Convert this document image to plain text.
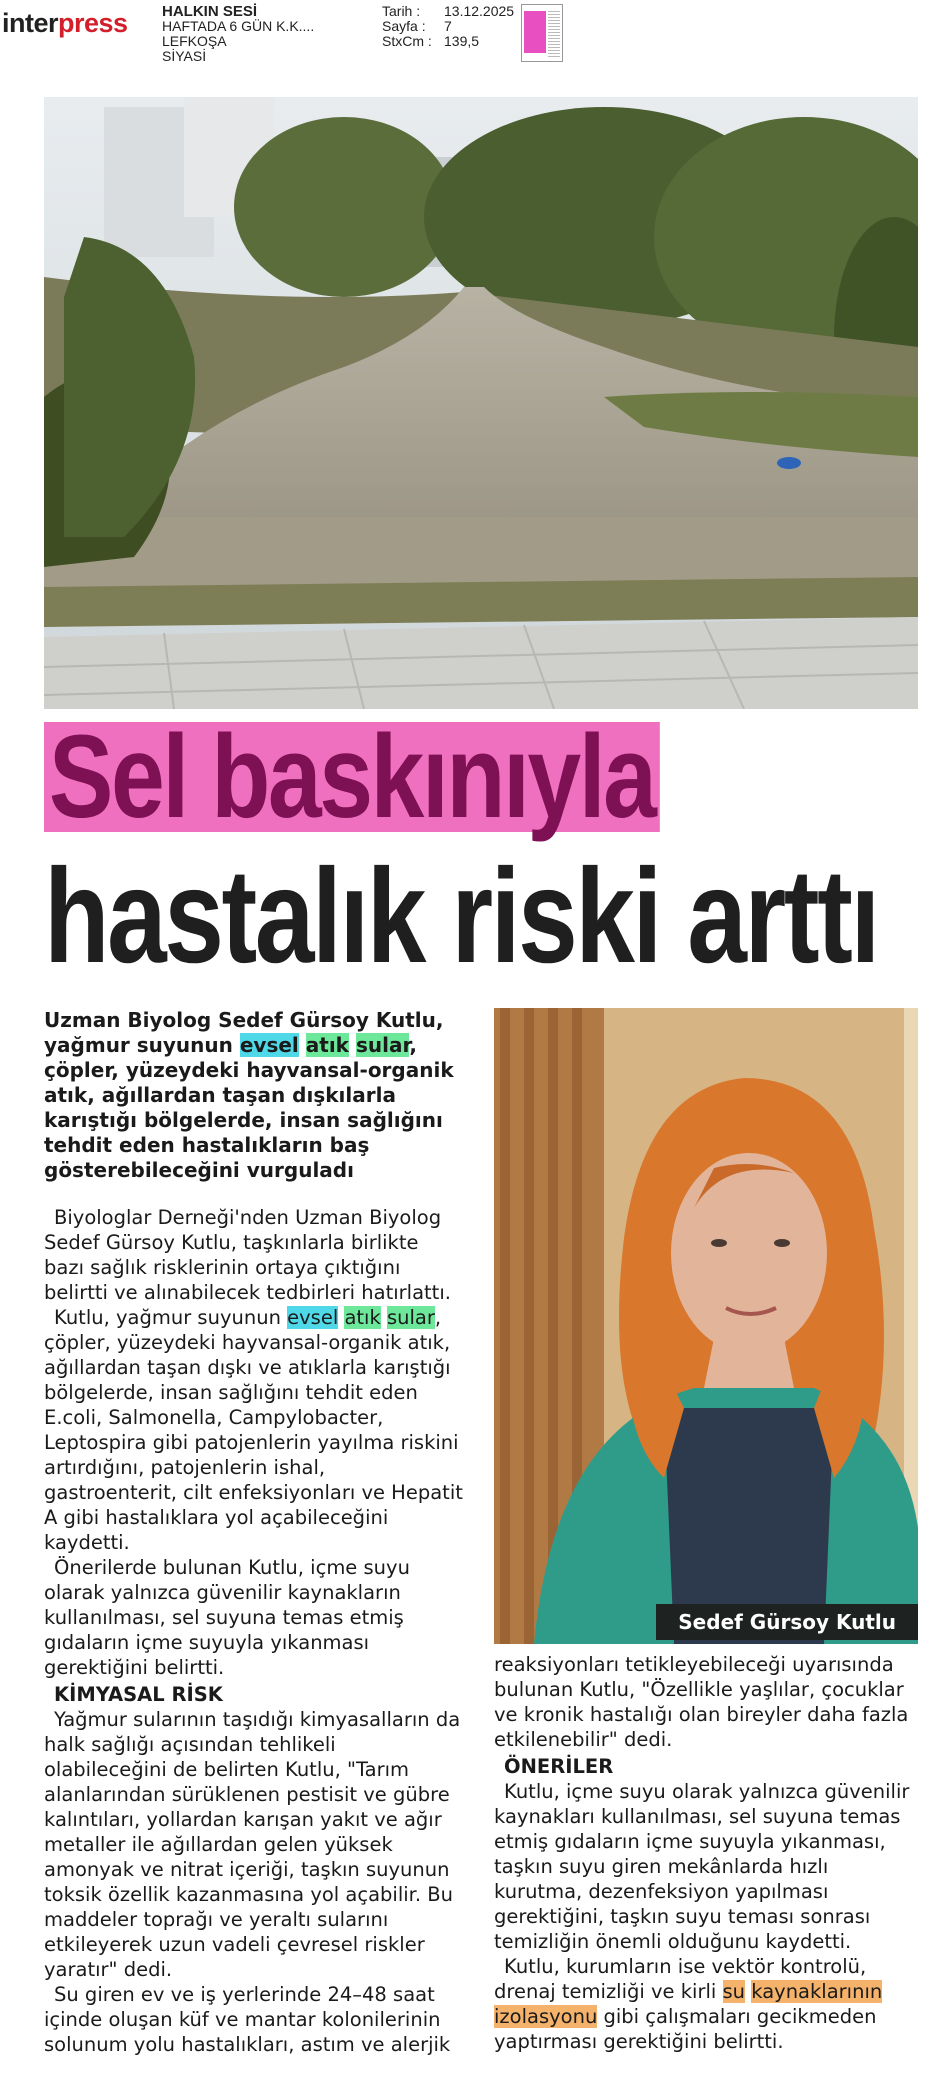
interpress HALKIN SESİ
HAFTADA 6 GÜN K.K....
LEFKOŞA
SİYASİ
Tarih :	13.12.2025
Sayfa :	7
StxCm : 139,5
Sel baskınıyla
hastalık riski arttı
Uzman Biyolog Sedef Gürsoy Kutlu, yağmur suyunun evsel atık sular, çöpler, yüzeydeki hayvansal-organik atık, ağıllardan taşan dışkılarla karıştığı bölgelerde, insan sağlığını tehdit eden hastalıkların baş gösterebileceğini vurguladı

Biyologlar Derneği'nden Uzman Biyolog Sedef Gürsoy Kutlu, taşkınlarla birlikte bazı sağlık risklerinin ortaya çıktığını belirtti ve alınabilecek tedbirleri hatırlattı.

Kutlu, yağmur suyunun evsel atık sular, çöpler, yüzeydeki hayvansal-organik atık, ağıllardan taşan dışkı ve atıklarla karıştığı bölgelerde, insan sağlığını tehdit eden E.coli, Salmonella, Campylobacter, Leptospira gibi patojenlerin yayılma riskini artırdığını, patojenlerin ishal, gastroenterit, cilt enfeksiyonları ve Hepatit A gibi hastalıklara yol açabileceğini kaydetti.

Önerilerde bulunan Kutlu, içme suyu olarak yalnızca güvenilir kaynakların kullanılması, sel suyuna temas etmiş gıdaların içme suyuyla yıkanması gerektiğini belirtti.

KİMYASAL RİSK

Yağmur sularının taşıdığı kimyasalların da halk sağlığı açısından tehlikeli olabileceğini de belirten Kutlu, "Tarım alanlarından sürüklenen pestisit ve gübre kalıntıları, yollardan karışan yakıt ve ağır metaller ile ağıllardan gelen yüksek amonyak ve nitrat içeriği, taşkın suyunun toksik özellik kazanmasına yol açabilir. Bu maddeler toprağı ve yeraltı sularını etkileyerek uzun vadeli çevresel riskler yaratır" dedi.

Su giren ev ve iş yerlerinde 24–48 saat içinde oluşan küf ve mantar kolonilerinin solunum yolu hastalıkları, astım ve alerjik

Sedef Gürsoy Kutlu

reaksiyonları tetikleyebileceği uyarısında bulunan Kutlu, "Özellikle yaşlılar, çocuklar ve kronik hastalığı olan bireyler daha fazla etkilenebilir" dedi.

ÖNERİLER

Kutlu, içme suyu olarak yalnızca güvenilir kaynakları kullanılması, sel suyuna temas etmiş gıdaların içme suyuyla yıkanması, taşkın suyu giren mekânlarda hızlı kurutma, dezenfeksiyon yapılması gerektiğini, taşkın suyu teması sonrası temizliğin önemli olduğunu kaydetti.

Kutlu, kurumların ise vektör kontrolü, drenaj temizliği ve kirli su kaynaklarının izolasyonu gibi çalışmaları gecikmeden yaptırması gerektiğini belirtti.
